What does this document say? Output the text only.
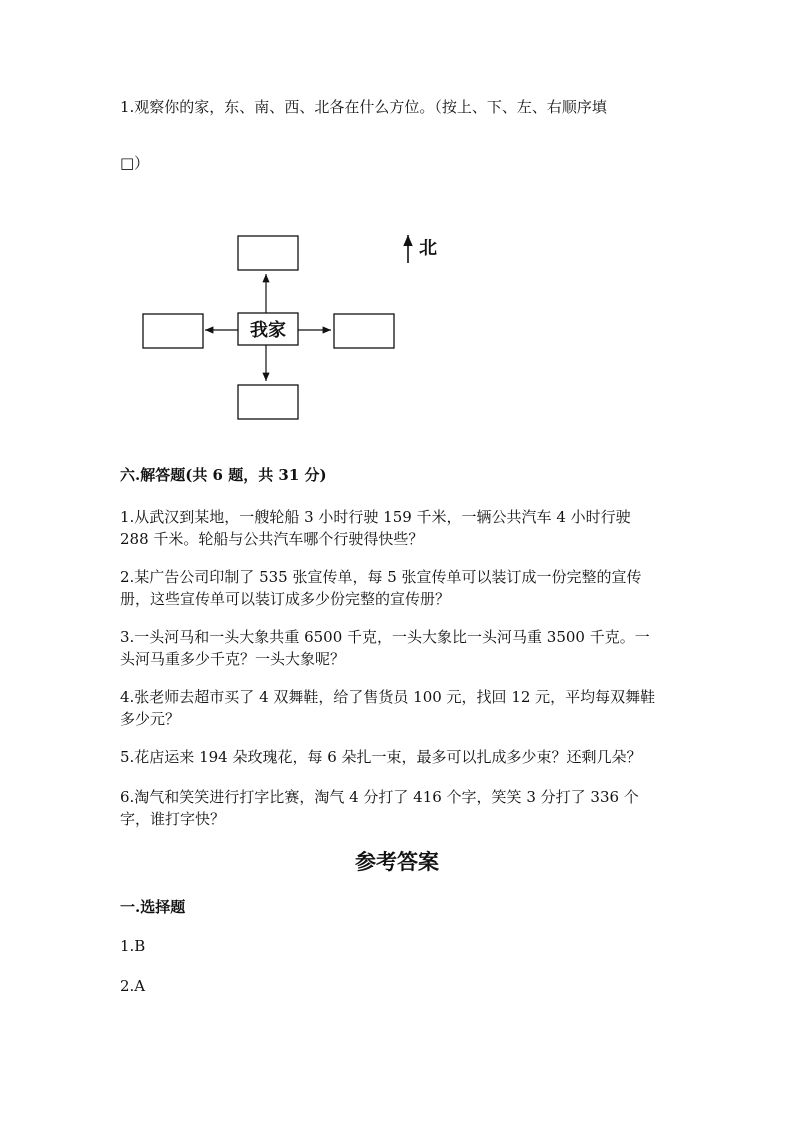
1.观察你的家，东、南、西、北各在什么方位。（按上、下、左、右顺序填
□）
我家
北
六.解答题(共 6 题，共 31 分)
1.从武汉到某地，一艘轮船 3 小时行驶 159 千米，一辆公共汽车 4 小时行驶
288 千米。轮船与公共汽车哪个行驶得快些？
2.某广告公司印制了 535 张宣传单，每 5 张宣传单可以装订成一份完整的宣传
册，这些宣传单可以装订成多少份完整的宣传册？
3.一头河马和一头大象共重 6500 千克，一头大象比一头河马重 3500 千克。一
头河马重多少千克？一头大象呢？
4.张老师去超市买了 4 双舞鞋，给了售货员 100 元，找回 12 元，平均每双舞鞋
多少元？
5.花店运来 194 朵玫瑰花，每 6 朵扎一束，最多可以扎成多少束？还剩几朵？
6.淘气和笑笑进行打字比赛，淘气 4 分打了 416 个字，笑笑 3 分打了 336 个
字，谁打字快？
参考答案
一.选择题
1.B
2.A
